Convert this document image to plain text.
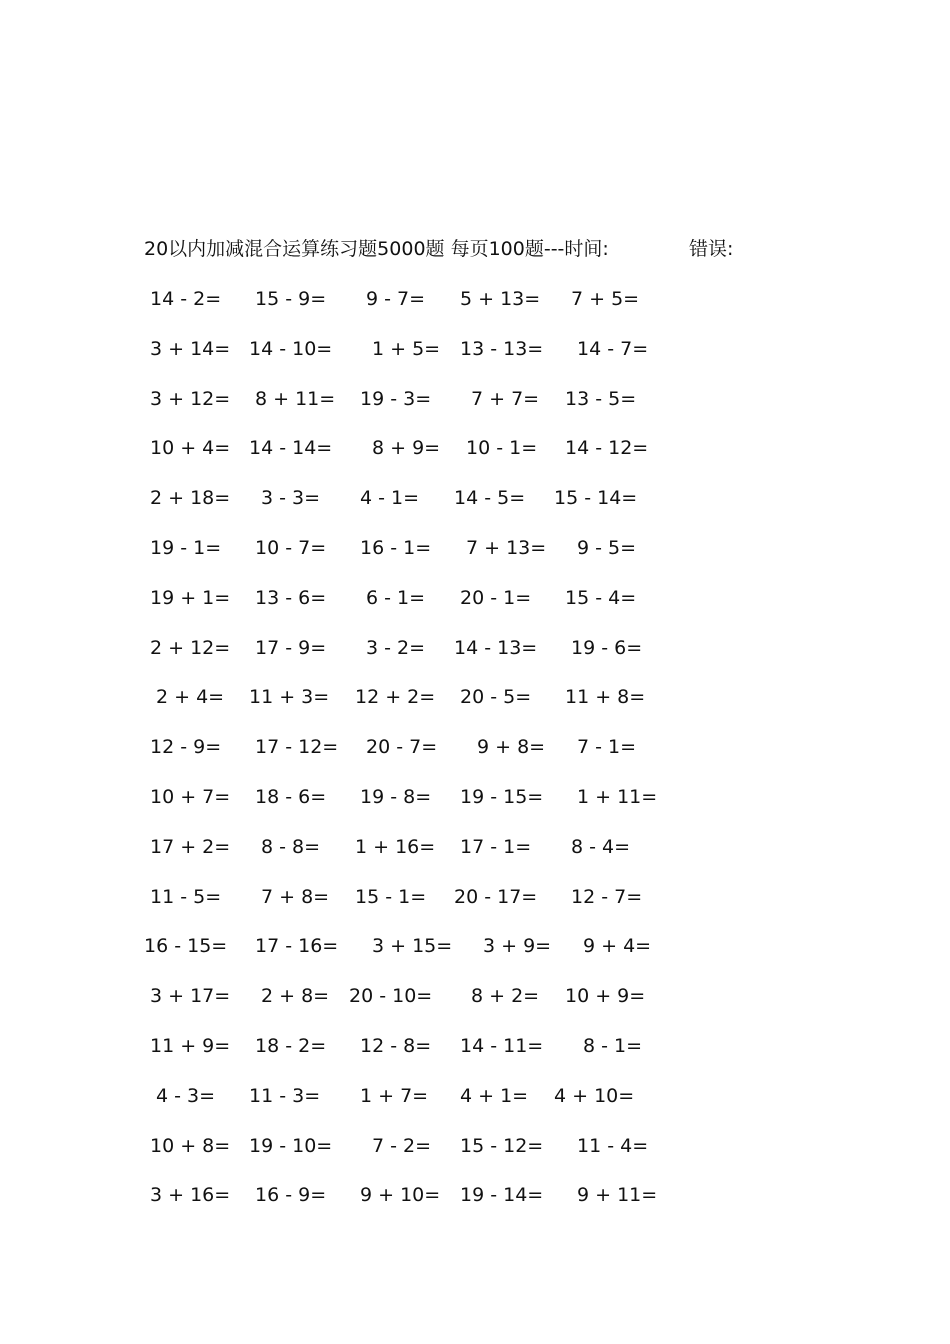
20以内加减混合运算练习题5000题 每页100题---时间:	错误:
14 - 2= 15 - 9= 9 - 7= 5 + 13= 7 + 5=
3 + 14= 14 - 10= 1 + 5= 13 - 13= 14 - 7=
3 + 12= 8 + 11= 19 - 3= 7 + 7= 13 - 5=
10 + 4= 14 - 14= 8 + 9= 10 - 1= 14 - 12=
2 + 18= 3 - 3= 4 - 1= 14 - 5= 15 - 14=
19 - 1= 10 - 7= 16 - 1= 7 + 13= 9 - 5=
19 + 1= 13 - 6= 6 - 1= 20 - 1= 15 - 4=
2 + 12= 17 - 9= 3 - 2= 14 - 13= 19 - 6=
2 + 4= 11 + 3= 12 + 2= 20 - 5= 11 + 8=
12 - 9= 17 - 12= 20 - 7= 9 + 8= 7 - 1=
10 + 7= 18 - 6= 19 - 8= 19 - 15= 1 + 11=
17 + 2= 8 - 8= 1 + 16= 17 - 1= 8 - 4=
11 - 5= 7 + 8= 15 - 1= 20 - 17= 12 - 7=
16 - 15= 17 - 16= 3 + 15= 3 + 9= 9 + 4=
3 + 17= 2 + 8= 20 - 10= 8 + 2= 10 + 9=
11 + 9= 18 - 2= 12 - 8= 14 - 11= 8 - 1=
4 - 3= 11 - 3= 1 + 7= 4 + 1= 4 + 10=
10 + 8= 19 - 10= 7 - 2= 15 - 12= 11 - 4=
3 + 16= 16 - 9= 9 + 10= 19 - 14= 9 + 11=
